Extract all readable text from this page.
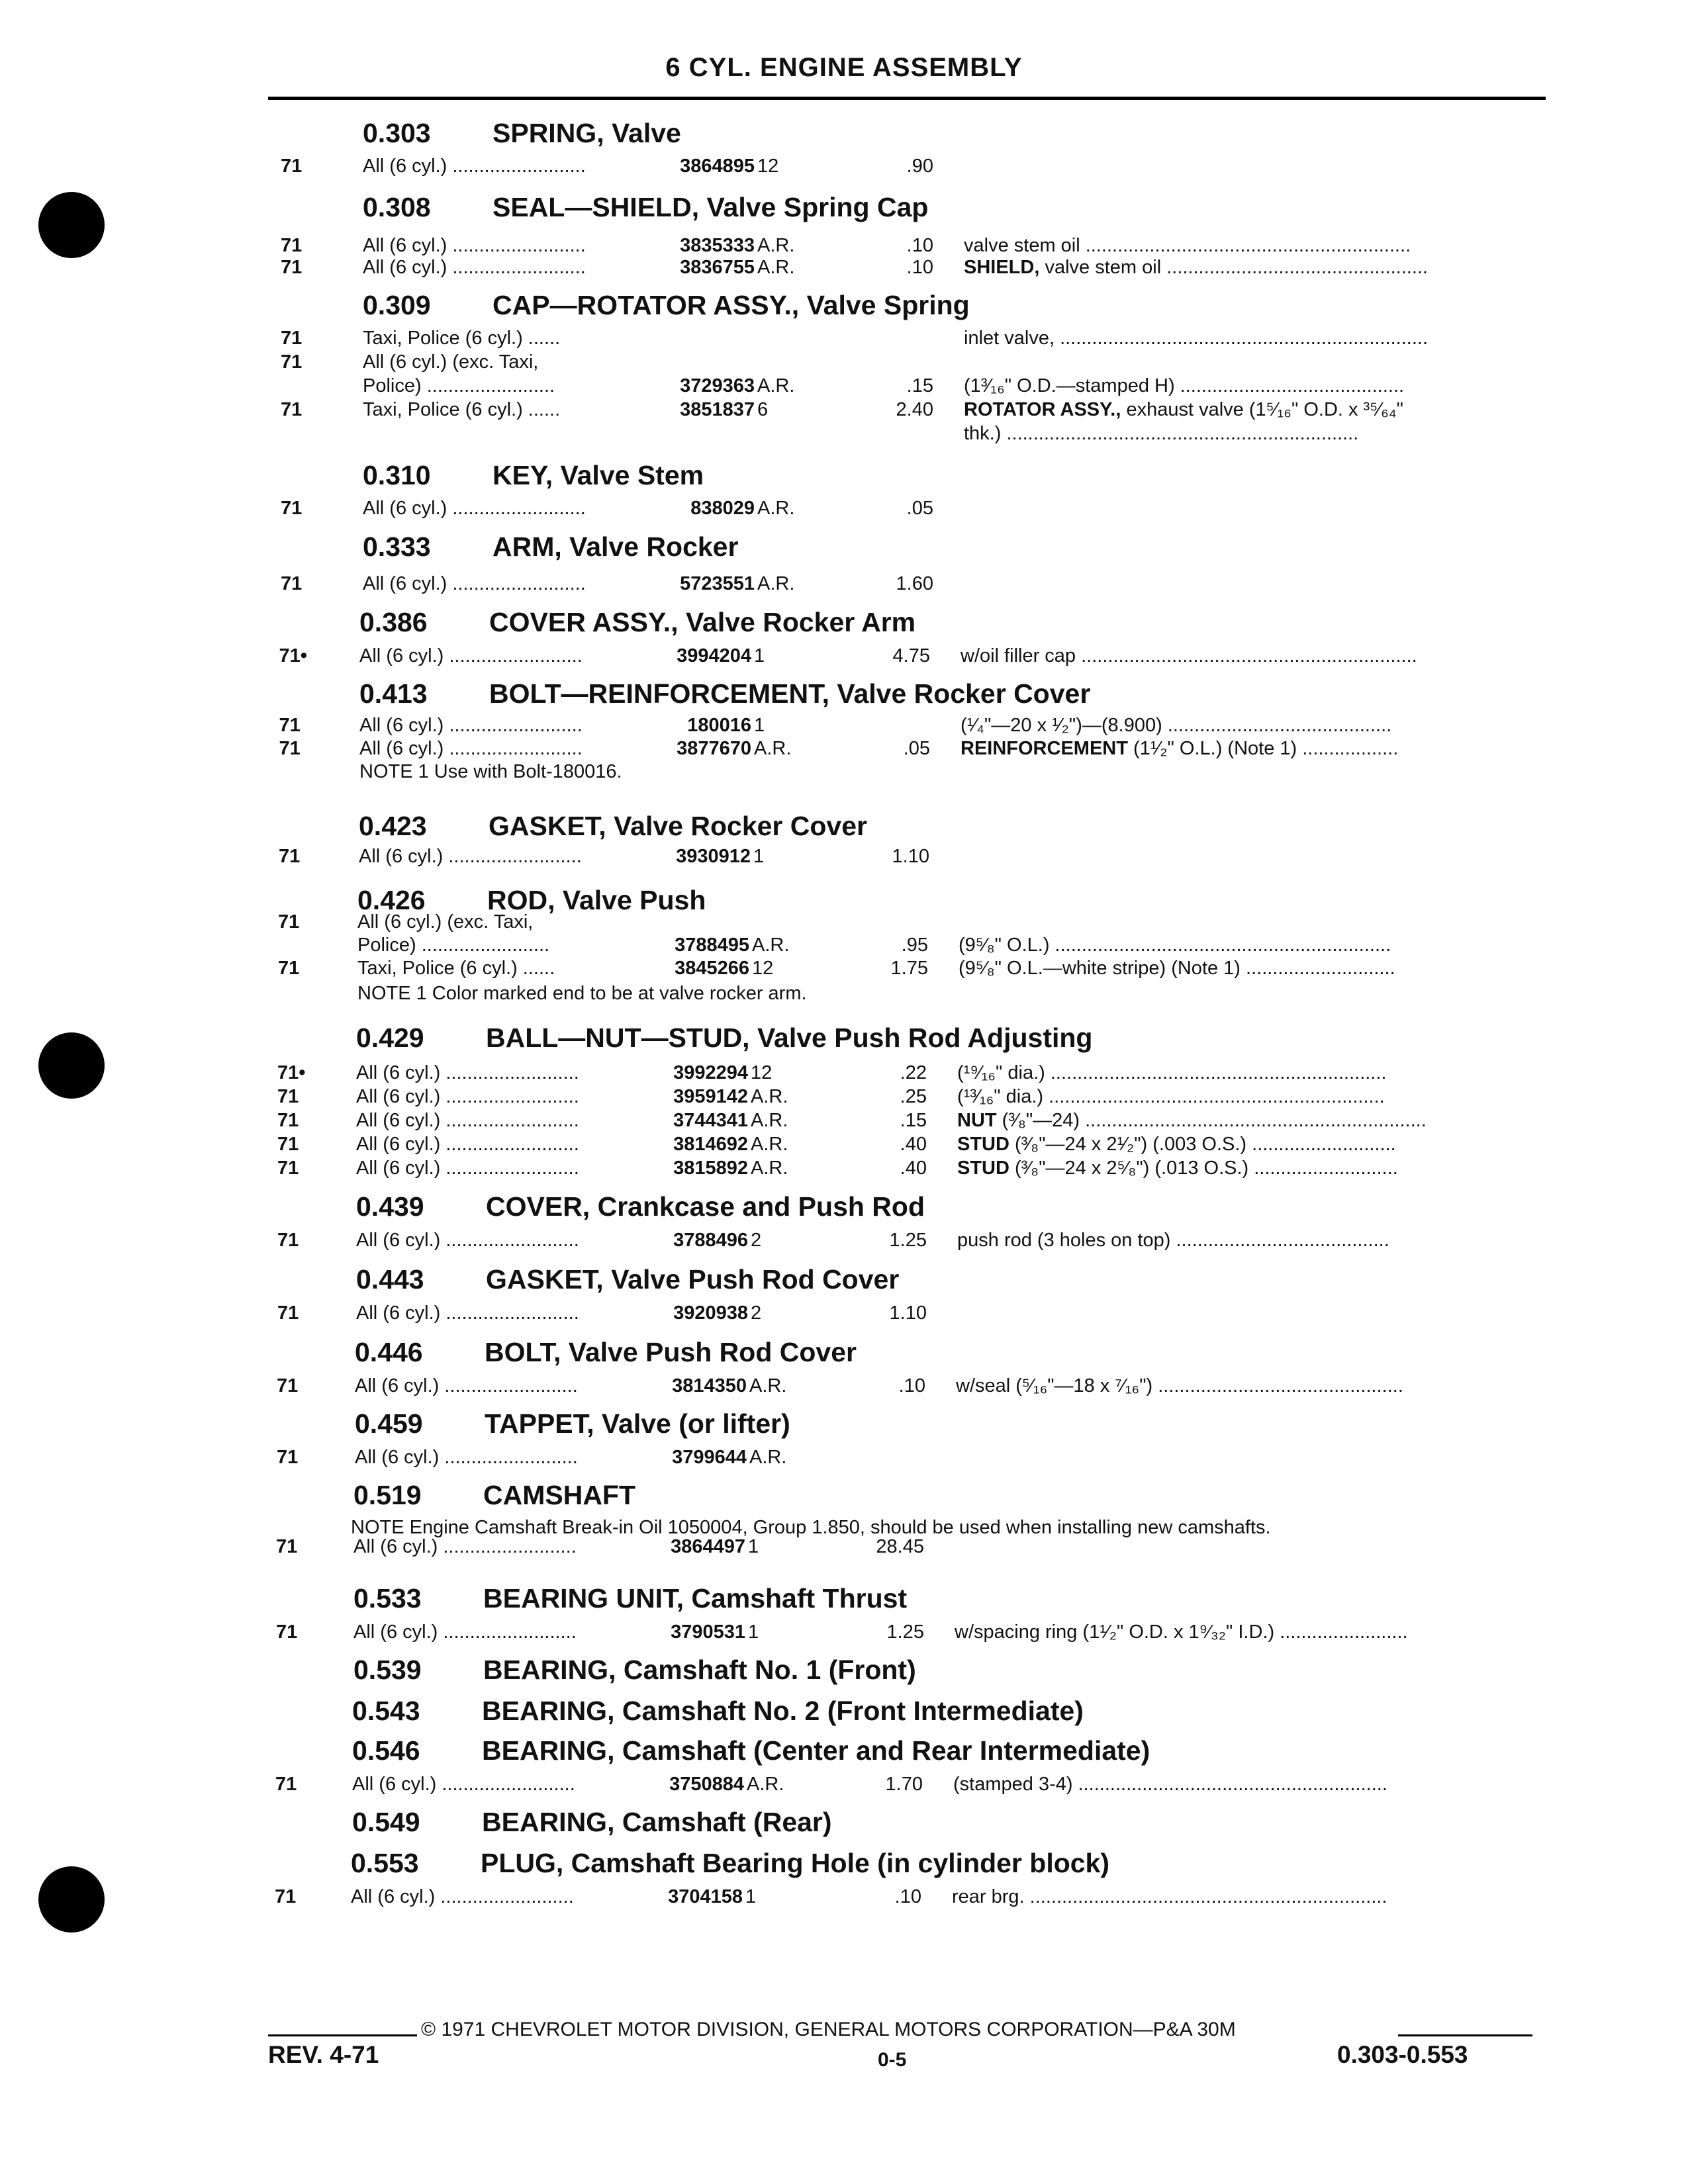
6 CYL. ENGINE ASSEMBLY
0.303 SPRING, Valve
71	All (6 cyl.) .........................	3864895 12	.90
0.308 SEAL—SHIELD, Valve Spring Cap
71	All (6 cyl.) .........................	3835333 A.R.	.10 valve stem oil .............................................................
71	All (6 cyl.) .........................	3836755 A.R.	.10 SHIELD, valve stem oil .................................................
0.309 CAP—ROTATOR ASSY., Valve Spring
71	Taxi, Police (6 cyl.) ......	inlet valve, .....................................................................
71	All (6 cyl.) (exc. Taxi,
Police) ........................	3729363 A.R.	.15 (1³⁄₁₆" O.D.—stamped H) ..........................................
71	Taxi, Police (6 cyl.) ......	3851837 6	2.40 ROTATOR ASSY., exhaust valve (1⁵⁄₁₆" O.D. x ³⁵⁄₆₄"
thk.) ..................................................................
0.310 KEY, Valve Stem
71	All (6 cyl.) .........................	838029 A.R.	.05
0.333 ARM, Valve Rocker
71	All (6 cyl.) .........................	5723551 A.R.	1.60
0.386 COVER ASSY., Valve Rocker Arm
71•	All (6 cyl.) .........................	3994204 1	4.75 w/oil filler cap ...............................................................
0.413 BOLT—REINFORCEMENT, Valve Rocker Cover
71	All (6 cyl.) .........................	180016 1	(¹⁄₄"—20 x ¹⁄₂")—(8.900) ..........................................
71	All (6 cyl.) .........................	3877670 A.R.	.05 REINFORCEMENT (1¹⁄₂" O.L.) (Note 1) ..................
NOTE 1 Use with Bolt-180016.
0.423 GASKET, Valve Rocker Cover
71	All (6 cyl.) .........................	3930912 1	1.10
0.426 ROD, Valve Push
71	All (6 cyl.) (exc. Taxi,
Police) ........................	3788495 A.R.	.95 (9⁵⁄₈" O.L.) ...............................................................
71	Taxi, Police (6 cyl.) ......	3845266 12	1.75 (9⁵⁄₈" O.L.—white stripe) (Note 1) ............................
NOTE 1 Color marked end to be at valve rocker arm.
0.429 BALL—NUT—STUD, Valve Push Rod Adjusting
71•	All (6 cyl.) .........................	3992294 12	.22 (¹⁹⁄₁₆" dia.) ...............................................................
71	All (6 cyl.) .........................	3959142 A.R.	.25 (¹³⁄₁₆" dia.) ...............................................................
71	All (6 cyl.) .........................	3744341 A.R.	.15 NUT (³⁄₈"—24) ................................................................
71	All (6 cyl.) .........................	3814692 A.R.	.40 STUD (³⁄₈"—24 x 2¹⁄₂") (.003 O.S.) ...........................
71	All (6 cyl.) .........................	3815892 A.R.	.40 STUD (³⁄₈"—24 x 2⁵⁄₈") (.013 O.S.) ...........................
0.439 COVER, Crankcase and Push Rod
71	All (6 cyl.) .........................	3788496 2	1.25 push rod (3 holes on top) ........................................
0.443 GASKET, Valve Push Rod Cover
71	All (6 cyl.) .........................	3920938 2	1.10
0.446 BOLT, Valve Push Rod Cover
71	All (6 cyl.) .........................	3814350 A.R.	.10 w/seal (⁵⁄₁₆"—18 x ⁷⁄₁₆") ..............................................
0.459 TAPPET, Valve (or lifter)
71	All (6 cyl.) .........................	3799644 A.R.
0.519 CAMSHAFT
NOTE Engine Camshaft Break-in Oil 1050004, Group 1.850, should be used when installing new camshafts.
71	All (6 cyl.) .........................	3864497 1	28.45
0.533 BEARING UNIT, Camshaft Thrust
71	All (6 cyl.) .........................	3790531 1	1.25 w/spacing ring (1¹⁄₂" O.D. x 1⁹⁄₃₂" I.D.) ........................
0.539 BEARING, Camshaft No. 1 (Front)
0.543 BEARING, Camshaft No. 2 (Front Intermediate)
0.546 BEARING, Camshaft (Center and Rear Intermediate)
71	All (6 cyl.) .........................	3750884 A.R.	1.70 (stamped 3-4) ..........................................................
0.549 BEARING, Camshaft (Rear)
0.553 PLUG, Camshaft Bearing Hole (in cylinder block)
71	All (6 cyl.) .........................	3704158 1	.10 rear brg. ...................................................................
© 1971 CHEVROLET MOTOR DIVISION, GENERAL MOTORS CORPORATION—P&A 30M
REV. 4-71	0-5	0.303-0.553
